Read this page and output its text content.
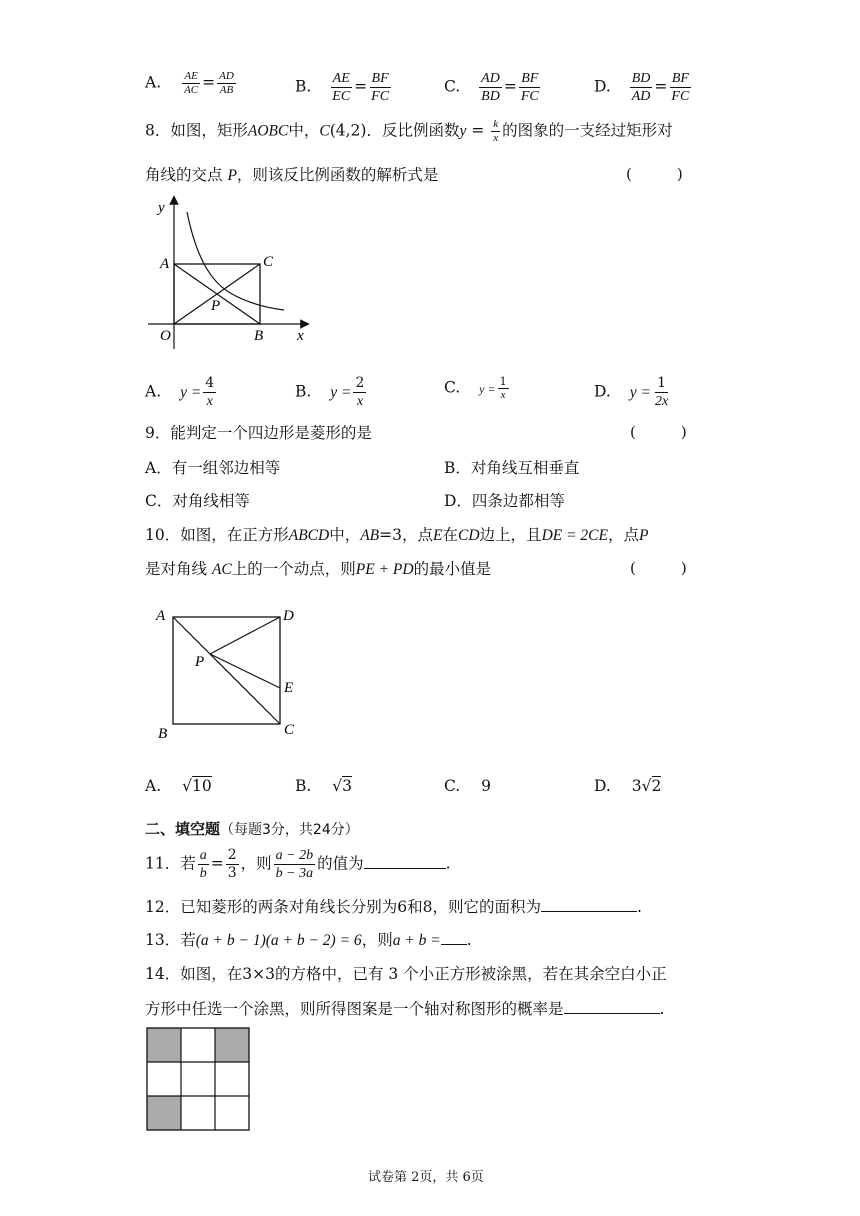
A. $\frac{AE}{AC} = \frac{AD}{AB}$	B. $\frac{AE}{EC} = \frac{BF}{FC}$	C. $\frac{AD}{BD} = \frac{BF}{FC}$	D. $\frac{BD}{AD} = \frac{BF}{FC}$
8．如图，矩形AOBC中，C(4,2)．反比例函数$y = \frac{k}{x}$ 的图象的一支经过矩形对
角线的交点 P，则该反比例函数的解析式是	(　　　)
y
A	C
P
O	B x
A. $y = \frac{4}{x}$	B. $y = \frac{2}{x}$	C. $y = \frac{1}{x}$	D. $y = \frac{1}{2x}$
9．能判定一个四边形是菱形的是	(　　　)
A．有一组邻边相等	B．对角线互相垂直
C．对角线相等	D．四条边都相等
10．如图，在正方形ABCD中，AB=3，点E在CD边上，且DE = 2CE，点P
是对角线 AC上的一个动点，则PE + PD的最小值是	(　　　)
A	D
P
E
B	C
A. √10	B. √3	C. 9	D. 3√2
二、填空题（每题3分，共24分）
11．若 $\frac{a}{b} = \frac{2}{3}$ ，则 $\frac{a - 2b}{b - 3a}$ 的值为	.
12．已知菱形的两条对角线长分别为6和8，则它的面积为	.
13．若(a + b − 1)(a + b − 2) = 6，则a + b = .
14．如图，在3×3的方格中，已有 3 个小正方形被涂黑，若在其余空白小正
方形中任选一个涂黑，则所得图案是一个轴对称图形的概率是	.
试卷第 2页，共 6页
